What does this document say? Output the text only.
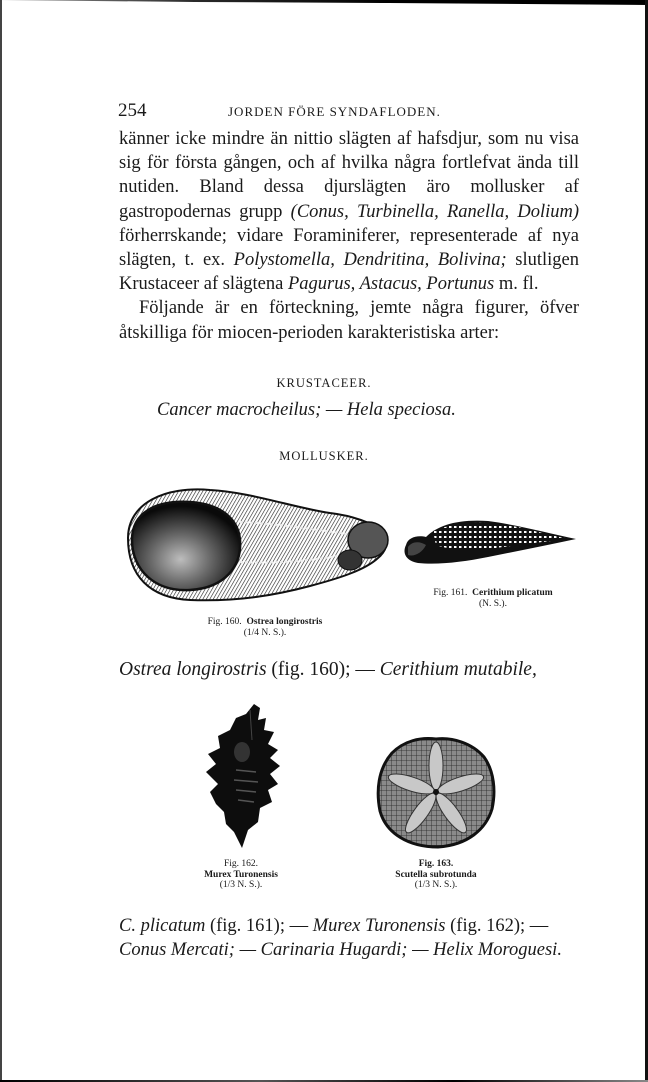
254	JORDEN FÖRE SYNDAFLODEN.

känner icke mindre än nittio slägten af hafsdjur, som nu visa sig för första gången, och af hvilka några fortlefvat ända till nutiden. Bland dessa djurslägten äro mollusker af gastropodernas grupp (Conus, Turbinella, Ranella, Dolium) förherrskande; vidare Foraminiferer, representerade af nya slägten, t. ex. Polystomella, Dendritina, Bolivina; slutligen Krustaceer af slägtena Pagurus, Astacus, Portunus m. fl.

Följande är en förteckning, jemte några figurer, öfver åtskilliga för miocen-perioden karakteristiska arter:

KRUSTACEER.
Cancer macrocheilus; — Hela speciosa.
MOLLUSKER.
Fig. 160. Ostrea longirostris
(1/4 N. S.).
Fig. 161. Cerithium plicatum
(N. S.).
Ostrea longirostris (fig. 160); — Cerithium mutabile,
Fig. 162.
Murex Turonensis
(1/3 N. S.).
Fig. 163.
Scutella subrotunda
(1/3 N. S.).
C. plicatum (fig. 161); — Murex Turonensis (fig. 162); —
Conus Mercati; — Carinaria Hugardi; — Helix Moroguesi.
